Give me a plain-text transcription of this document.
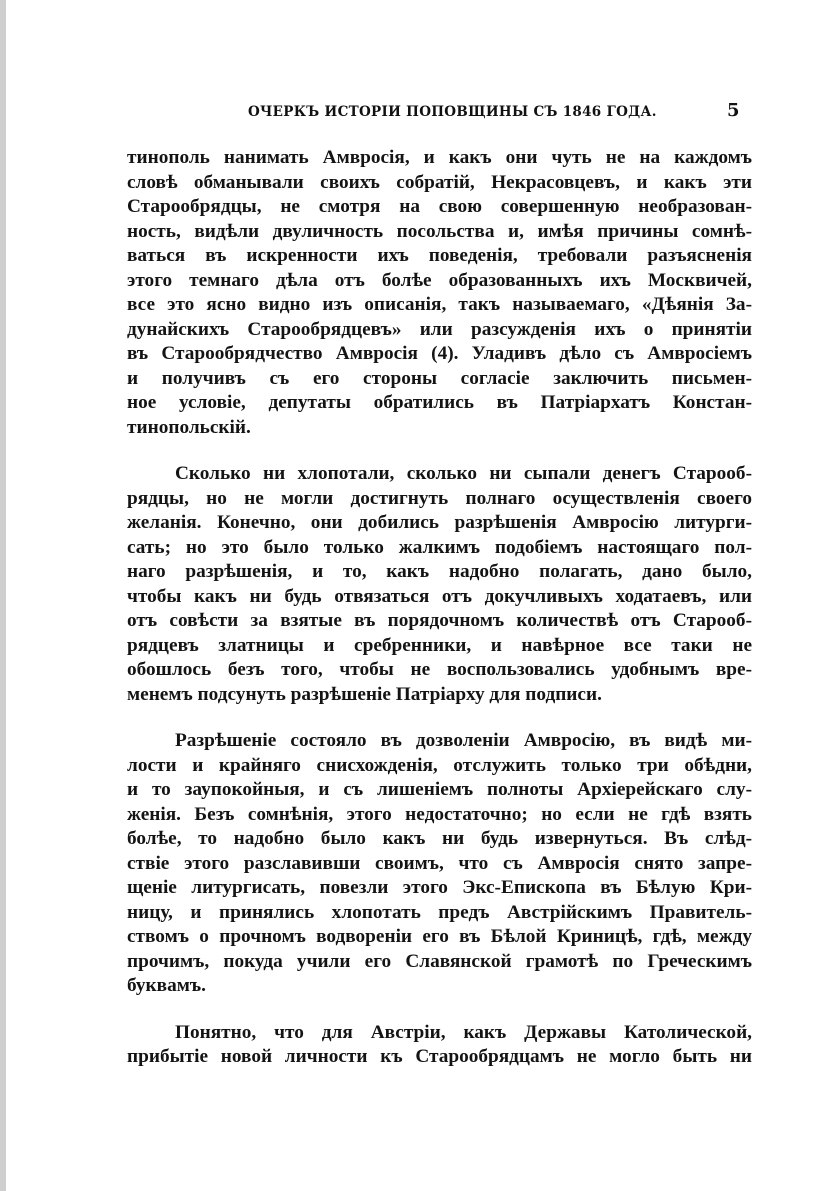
ОЧЕРКЪ ИСТОРІИ ПОПОВЩИНЫ СЪ 1846 ГОДА.	5
тинополь нанимать Амвросія, и какъ они чуть не на каждомъ
словѣ обманывали своихъ собратій, Некрасовцевъ, и какъ эти
Старообрядцы, не смотря на свою совершенную необразован-
ность, видѣли двуличность посольства и, имѣя причины сомнѣ-
ваться въ искренности ихъ поведенія, требовали разъясненія
этого темнаго дѣла отъ болѣе образованныхъ ихъ Москвичей,
все это ясно видно изъ описанія, такъ называемаго, «Дѣянія За-
дунайскихъ Старообрядцевъ» или разсужденія ихъ о принятіи
въ Старообрядчество Амвросія (4). Уладивъ дѣло съ Амвросіемъ
и получивъ съ его стороны согласіе заключить письмен-
ное условіе, депутаты обратились въ Патріархатъ Констан-
тинопольскій.
Сколько ни хлопотали, сколько ни сыпали денегъ Старооб-
рядцы, но не могли достигнуть полнаго осуществленія своего
желанія. Конечно, они добились разрѣшенія Амвросію литурги-
сать; но это было только жалкимъ подобіемъ настоящаго пол-
наго разрѣшенія, и то, какъ надобно полагать, дано было,
чтобы какъ ни будь отвязаться отъ докучливыхъ ходатаевъ, или
отъ совѣсти за взятые въ порядочномъ количествѣ отъ Старооб-
рядцевъ златницы и сребренники, и навѣрное все таки не
обошлось безъ того, чтобы не воспользовались удобнымъ вре-
менемъ подсунуть разрѣшеніе Патріарху для подписи.
Разрѣшеніе состояло въ дозволеніи Амвросію, въ видѣ ми-
лости и крайняго снисхожденія, отслужить только три обѣдни,
и то заупокойныя, и съ лишеніемъ полноты Архіерейскаго слу-
женія. Безъ сомнѣнія, этого недостаточно; но если не гдѣ взять
болѣе, то надобно было какъ ни будь извернуться. Въ слѣд-
ствіе этого разславивши своимъ, что съ Амвросія снято запре-
щеніе литургисать, повезли этого Экс-Епископа въ Бѣлую Кри-
ницу, и принялись хлопотать предъ Австрійскимъ Правитель-
ствомъ о прочномъ водвореніи его въ Бѣлой Криницѣ, гдѣ, между
прочимъ, покуда учили его Славянской грамотѣ по Греческимъ
буквамъ.
Понятно, что для Австріи, какъ Державы Католической,
прибытіе новой личности къ Старообрядцамъ не могло быть ни
